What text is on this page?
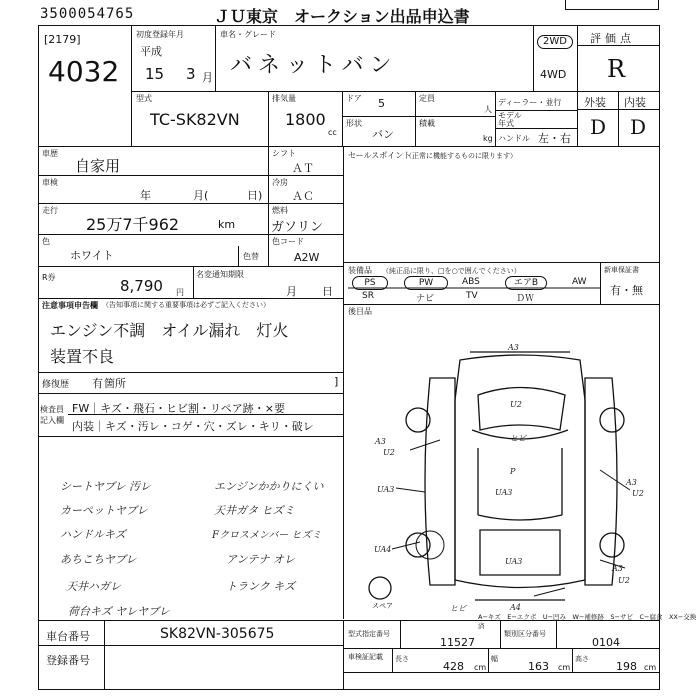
3500054765	ＪＵ東京　オークション出品申込書
[2179]
4032
初度登録年月
平成
15 3 月
車名・グレード
バネットバン
2WD
4WD
評価点
R
型式
TC-SK82VN
排気量
1800
cc
ドア 5
形状
バン
定員
人
積載
kg
ディーラー・並行
モデル年式
ハンドル 左・右
外装 内装
D D
車歴
自家用
車検
年	月(	日)
走行
25万7千962	km
シフト
ＡＴ
冷房
ＡＣ
燃料
ガソリン
色
ホワイト	色替
色コード
A2W
R券	8,790 円
名変通知期限
月 日
注意事項申告欄 （告知事項に関する重要事項は必ずご記入ください）
エンジン不調　オイル漏れ　灯火
装置不良
修復歴 有 箇所	]
セールスポイント
（正常に機能するものに限ります）
装備品 （純正品に限り、□を○で囲んでください）	新車保証書
有・無
PS	PW	ABS	エアB	AW
SR	ナビ	TV	ＤＷ
後目品
検査員記入欄
FW｜キズ・飛石・ヒビ割・リペア跡・×要
内装｜キズ・汚レ・コゲ・穴・ズレ・キリ・破レ
シートヤブレ 汚レ
カーペットヤブレ
ハンドルキズ
あちこちヤブレ
天井ハガレ
荷台キズ ヤレヤブレ
エンジンかかりにくい
天井ガタ ヒズミ
Fクロスメンバー ヒズミ
アンテナ オレ
トランク キズ
A3
U2
ヒビ
A3
U2
P
UA3
UA3
A3
U2
UA4
A3
U2
UA3
ヒビ	A4
スペア
A−キズ　E−エクボ　U−凹み　W−補修跡　S−サビ　C−腐食　XX−交換済
車台番号	SK82VN-305675
登録番号
型式指定番号
11527
類別区分番号
0104
車検証記載	長さ
428 cm
幅
163 cm
高さ
198 cm
